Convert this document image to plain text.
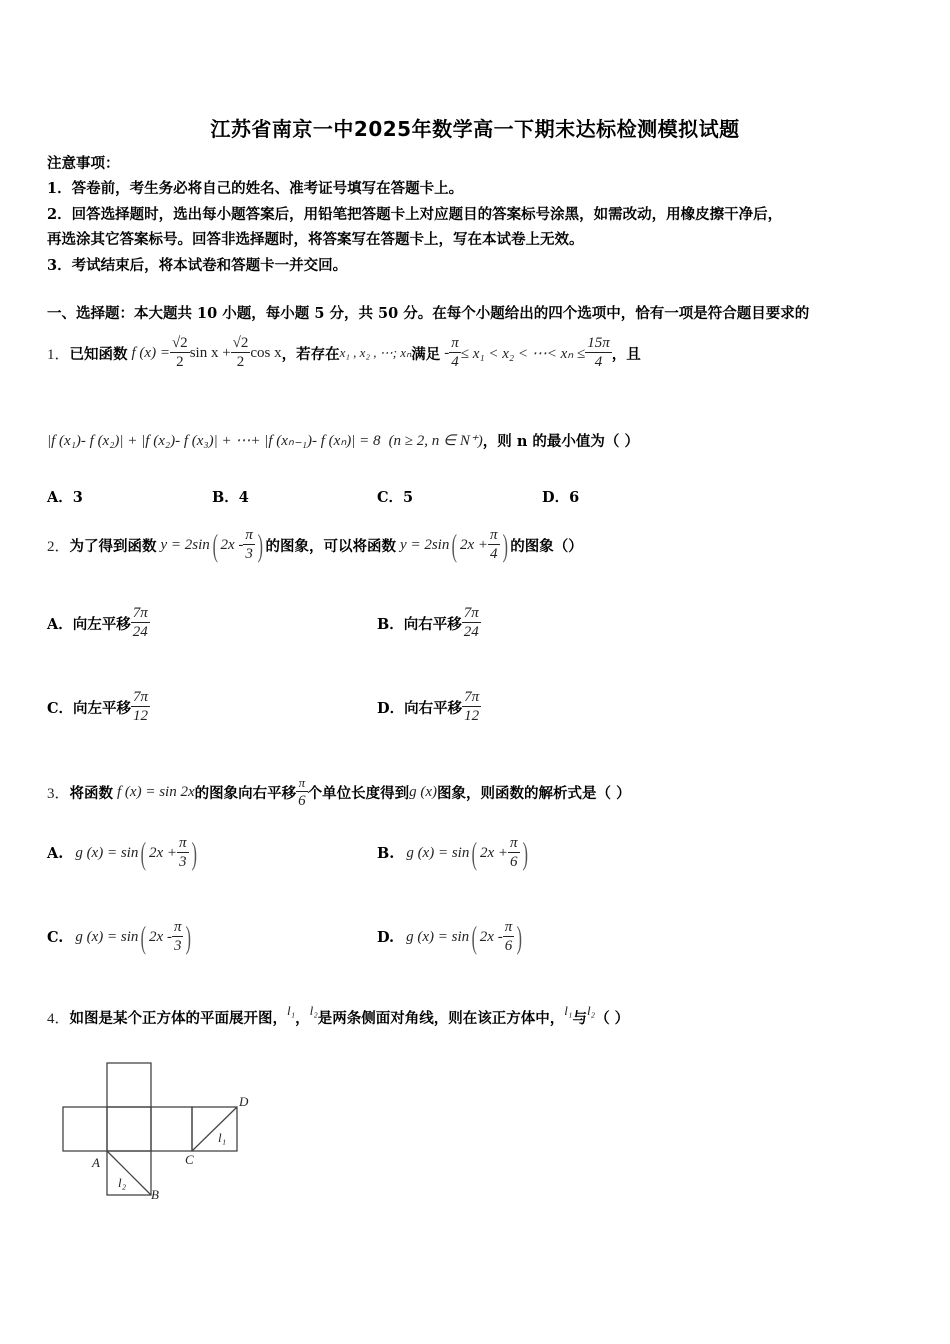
江苏省南京一中2025年数学高一下期末达标检测模拟试题
注意事项：
1．答卷前，考生务必将自己的姓名、准考证号填写在答题卡上。
2．回答选择题时，选出每小题答案后，用铅笔把答题卡上对应题目的答案标号涂黑，如需改动，用橡皮擦干净后，
再选涂其它答案标号。回答非选择题时，将答案写在答题卡上，写在本试卷上无效。
3．考试结束后，将本试卷和答题卡一并交回。
一、选择题：本大题共 10 小题，每小题 5 分，共 50 分。在每个小题给出的四个选项中，恰有一项是符合题目要求的
1． 已知函数 f $(x) = \frac{√2}{2}$ $\sin x + \frac{√2}{2}$ cos x ，若存在 x₁ , x₂ , ⋯; xₙ 满足 - $\frac{\pi}{4} \le x_1 < x_2$ < ⋯< $x_n \le \frac{15\pi}{4}$ ，且
|f (x₁)- f (x₂)| + |f (x₂)- f (x₃)| + ⋯+ |f (xₙ₋₁)- f (xₙ)| = 8 (n ≥ 2, n ∈ N⁺) ，则 n 的最小值为（ ）
A．3	B．4	C．5	D．6
2． 为了得到函数 y = 2sin ( $2x - \frac{\pi}{3}$ ) 的图象，可以将函数 y = 2sin ( $2x + \frac{\pi}{4}$ ) 的图象（）
A．向左平移 $\frac{7\pi}{24}$	B．向右平移 $\frac{7\pi}{24}$
C．向左平移 $\frac{7\pi}{12}$	D．向右平移 $\frac{7\pi}{12}$
3． 将函数 f (x) = sin 2x 的图象向右平移 $\frac{\pi}{6}$ 个单位长度得到 g (x) 图象，则函数的解析式是（ ）
A. g (x) = sin ( $2x + \frac{\pi}{3}$ )	B. g (x) = sin ( $2x + \frac{\pi}{6}$ )
C. g (x) = sin ( $2x - \frac{\pi}{3}$ )	D. g (x) = sin ( $2x - \frac{\pi}{6}$ )
4． 如图是某个正方体的平面展开图， l₁ ， l₂ 是两条侧面对角线，则在该正方体中， l₁ 与 l₂ （ ）
D
A	C
B
l₁
l₂
